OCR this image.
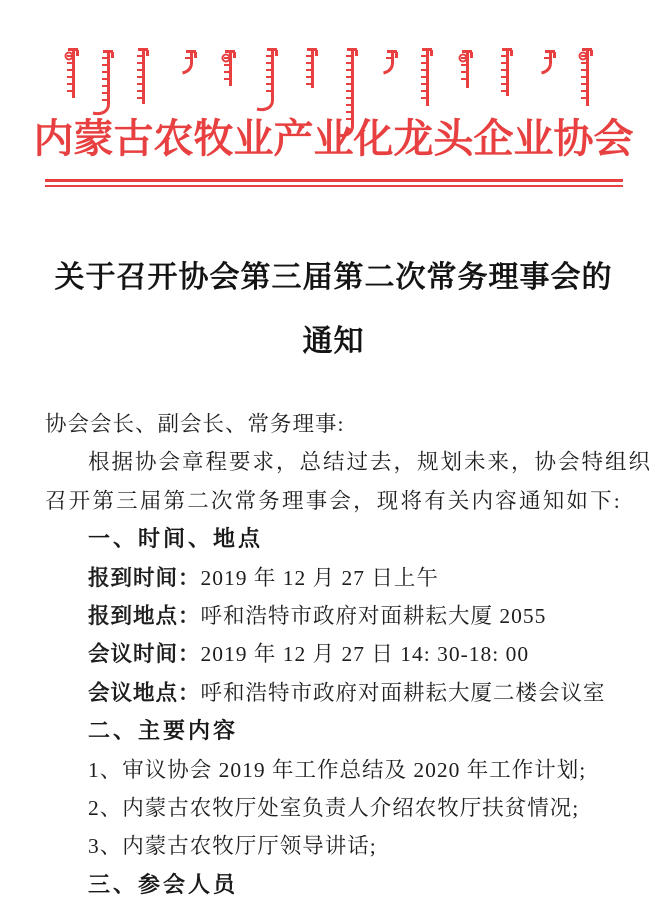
内蒙古农牧业产业化龙头企业协会
关于召开协会第三届第二次常务理事会的
通知
协会会长、副会长、常务理事:
根据协会章程要求，总结过去，规划未来，协会特组织
召开第三届第二次常务理事会，现将有关内容通知如下:
一、时间、地点
报到时间：2019 年 12 月 27 日上午
报到地点：呼和浩特市政府对面耕耘大厦 2055
会议时间：2019 年 12 月 27 日 14: 30-18: 00
会议地点：呼和浩特市政府对面耕耘大厦二楼会议室
二、主要内容
1、审议协会 2019 年工作总结及 2020 年工作计划;
2、内蒙古农牧厅处室负责人介绍农牧厅扶贫情况;
3、内蒙古农牧厅厅领导讲话;
三、参会人员
